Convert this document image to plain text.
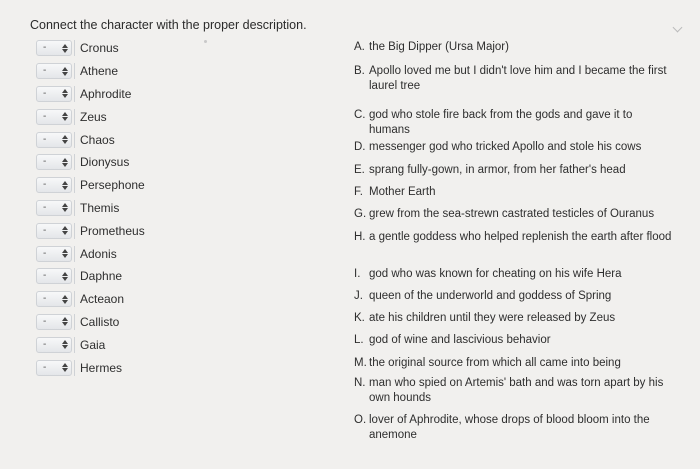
Connect the character with the proper description.
-	Cronus
-	Athene
-	Aphrodite
-	Zeus
-	Chaos
-	Dionysus
-	Persephone
-	Themis
-	Prometheus
-	Adonis
-	Daphne
-	Acteaon
-	Callisto
-	Gaia
-	Hermes
A. the Big Dipper (Ursa Major)
B. Apollo loved me but I didn't love him and I became the first laurel tree
C. god who stole fire back from the gods and gave it to humans
D. messenger god who tricked Apollo and stole his cows
E. sprang fully-gown, in armor, from her father's head
F. Mother Earth
G. grew from the sea-strewn castrated testicles of Ouranus
H. a gentle goddess who helped replenish the earth after flood
I. god who was known for cheating on his wife Hera
J. queen of the underworld and goddess of Spring
K. ate his children until they were released by Zeus
L. god of wine and lascivious behavior
M. the original source from which all came into being
N. man who spied on Artemis' bath and was torn apart by his own hounds
O. lover of Aphrodite, whose drops of blood bloom into the anemone
